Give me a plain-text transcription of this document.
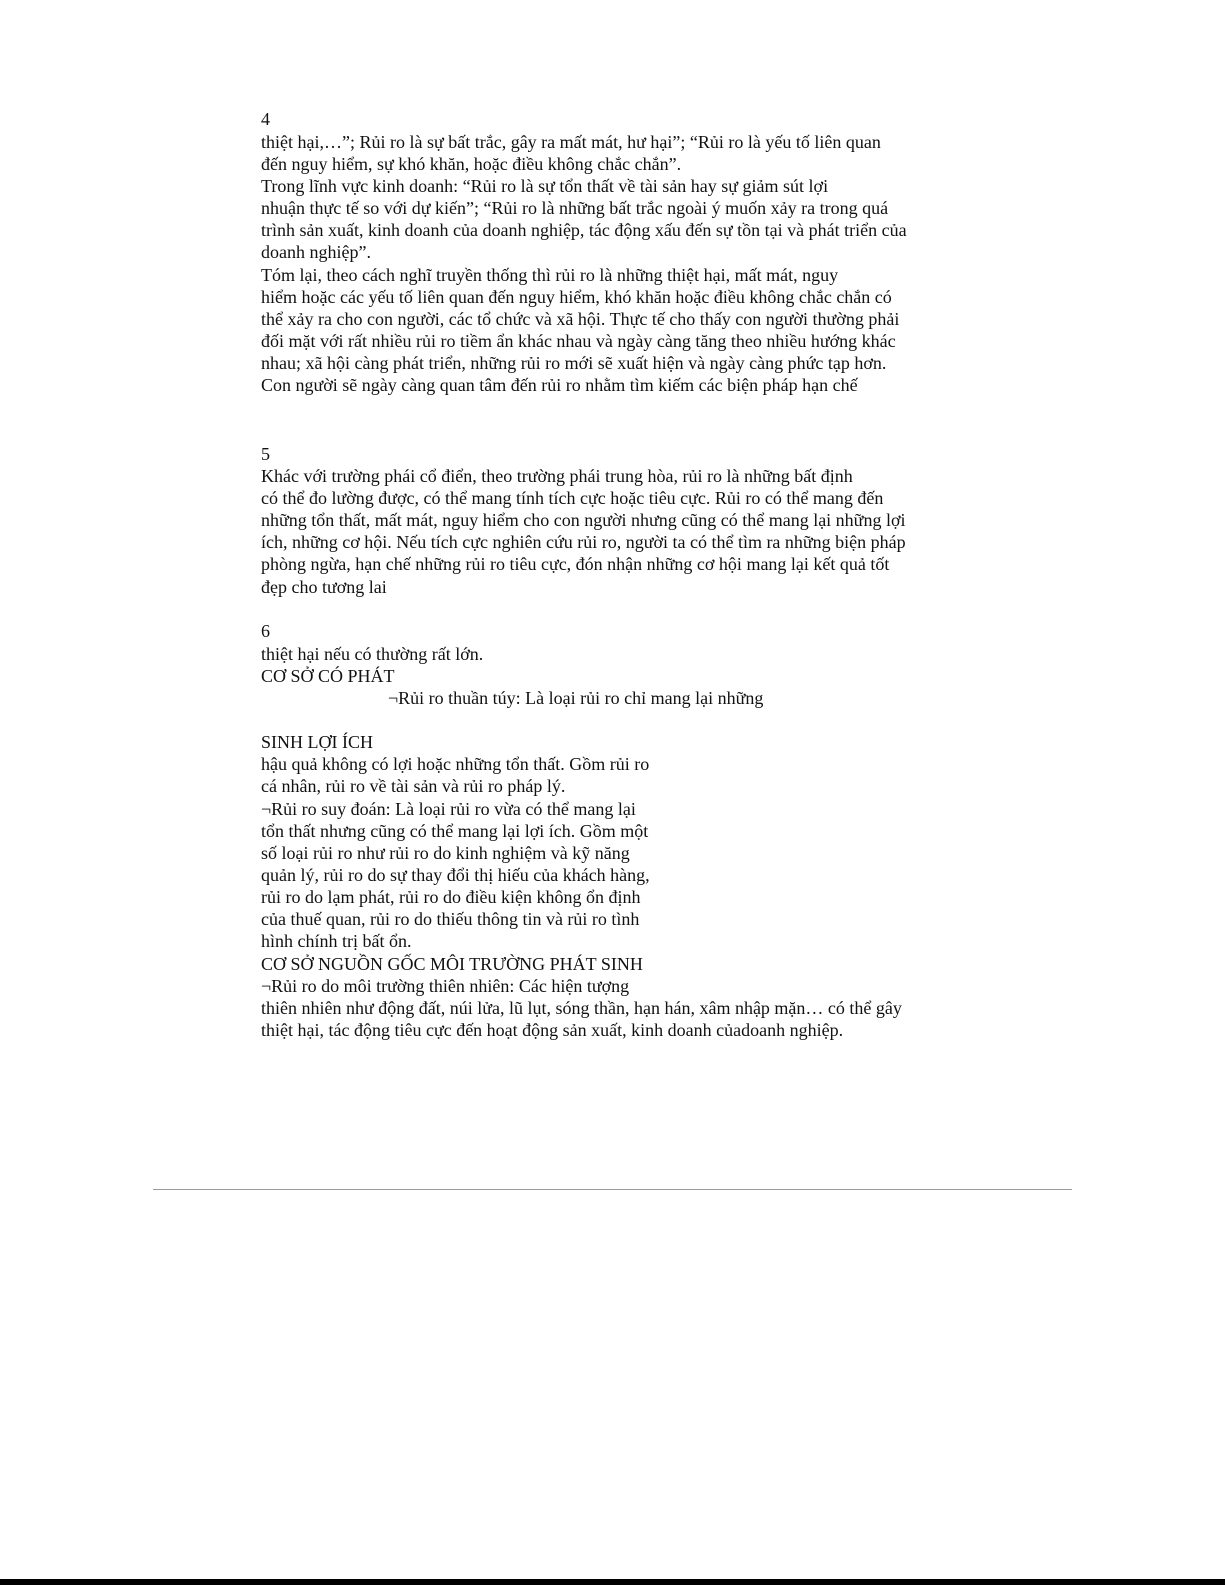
4
thiệt hại,…”; Rủi ro là sự bất trắc, gây ra mất mát, hư hại”; “Rủi ro là yếu tố liên quan
đến nguy hiểm, sự khó khăn, hoặc điều không chắc chắn”.
Trong lĩnh vực kinh doanh: “Rủi ro là sự tổn thất về tài sản hay sự giảm sút lợi
nhuận thực tế so với dự kiến”; “Rủi ro là những bất trắc ngoài ý muốn xảy ra trong quá
trình sản xuất, kinh doanh của doanh nghiệp, tác động xấu đến sự tồn tại và phát triển của
doanh nghiệp”.
Tóm lại, theo cách nghĩ truyền thống thì rủi ro là những thiệt hại, mất mát, nguy
hiểm hoặc các yếu tố liên quan đến nguy hiểm, khó khăn hoặc điều không chắc chắn có
thể xảy ra cho con người, các tổ chức và xã hội. Thực tế cho thấy con người thường phải
đối mặt với rất nhiều rủi ro tiềm ẩn khác nhau và ngày càng tăng theo nhiều hướng khác
nhau; xã hội càng phát triển, những rủi ro mới sẽ xuất hiện và ngày càng phức tạp hơn.
Con người sẽ ngày càng quan tâm đến rủi ro nhằm tìm kiếm các biện pháp hạn chế
5
Khác với trường phái cổ điển, theo trường phái trung hòa, rủi ro là những bất định
có thể đo lường được, có thể mang tính tích cực hoặc tiêu cực. Rủi ro có thể mang đến
những tổn thất, mất mát, nguy hiểm cho con người nhưng cũng có thể mang lại những lợi
ích, những cơ hội. Nếu tích cực nghiên cứu rủi ro, người ta có thể tìm ra những biện pháp
phòng ngừa, hạn chế những rủi ro tiêu cực, đón nhận những cơ hội mang lại kết quả tốt
đẹp cho tương lai
6
thiệt hại nếu có thường rất lớn.
CƠ SỞ CÓ PHÁT
¬Rủi ro thuần túy: Là loại rủi ro chỉ mang lại những
SINH LỢI ÍCH
hậu quả không có lợi hoặc những tổn thất. Gồm rủi ro
cá nhân, rủi ro về tài sản và rủi ro pháp lý.
¬Rủi ro suy đoán: Là loại rủi ro vừa có thể mang lại
tổn thất nhưng cũng có thể mang lại lợi ích. Gồm một
số loại rủi ro như rủi ro do kinh nghiệm và kỹ năng
quản lý, rủi ro do sự thay đổi thị hiếu của khách hàng,
rủi ro do lạm phát, rủi ro do điều kiện không ổn định
của thuế quan, rủi ro do thiếu thông tin và rủi ro tình
hình chính trị bất ổn.
CƠ SỞ NGUỒN GỐC MÔI TRƯỜNG PHÁT SINH
¬Rủi ro do môi trường thiên nhiên: Các hiện tượng
thiên nhiên như động đất, núi lửa, lũ lụt, sóng thần, hạn hán, xâm nhập mặn… có thể gây
thiệt hại, tác động tiêu cực đến hoạt động sản xuất, kinh doanh củadoanh nghiệp.
